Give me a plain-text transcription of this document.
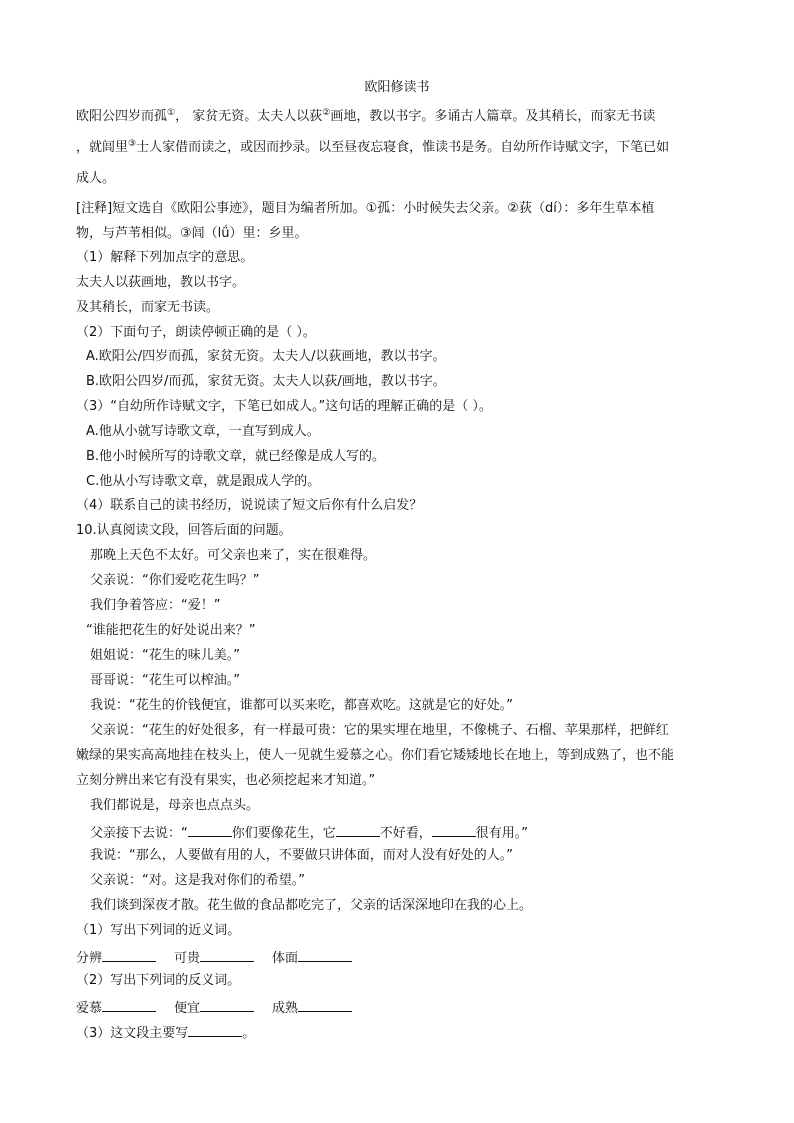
欧阳修读书
欧阳公四岁而孤①， 家贫无资。太夫人以荻②画地，教以书字。多诵古人篇章。及其稍长，而家无书读
，就闾里③士人家借而读之，或因而抄录。以至昼夜忘寝食，惟读书是务。自幼所作诗赋文字，下笔已如
成人。
[注释]短文选自《欧阳公事迹》，题目为编者所加。①孤：小时候失去父亲。②荻（dí）：多年生草本植
物，与芦苇相似。③闾（lǘ）里：乡里。
（1）解释下列加点字的意思。
太夫人以荻画地，教以书字。
及其稍长，而家无书读。
（2）下面句子，朗读停顿正确的是（ ）。
A.欧阳公/四岁而孤，家贫无资。太夫人/以荻画地，教以书字。
B.欧阳公四岁/而孤，家贫无资。太夫人以荻/画地，教以书字。
（3）“自幼所作诗赋文字，下笔已如成人。”这句话的理解正确的是（ ）。
A.他从小就写诗歌文章，一直写到成人。
B.他小时候所写的诗歌文章，就已经像是成人写的。
C.他从小写诗歌文章，就是跟成人学的。
（4）联系自己的读书经历，说说读了短文后你有什么启发？
10.认真阅读文段，回答后面的问题。
那晚上天色不太好。可父亲也来了，实在很难得。
父亲说：“你们爱吃花生吗？”
我们争着答应：“爱！”
“谁能把花生的好处说出来？”
姐姐说：“花生的味儿美。”
哥哥说：“花生可以榨油。”
我说：“花生的价钱便宜，谁都可以买来吃，都喜欢吃。这就是它的好处。”
父亲说：“花生的好处很多，有一样最可贵：它的果实埋在地里，不像桃子、石榴、苹果那样，把鲜红
嫩绿的果实高高地挂在枝头上，使人一见就生爱慕之心。你们看它矮矮地长在地上，等到成熟了，也不能
立刻分辨出来它有没有果实，也必须挖起来才知道。”
我们都说是，母亲也点点头。
父亲接下去说：“	你们要像花生，它	不好看，	很有用。”
我说：“那么，人要做有用的人，不要做只讲体面，而对人没有好处的人。”
父亲说：“对。这是我对你们的希望。”
我们谈到深夜才散。花生做的食品都吃完了，父亲的话深深地印在我的心上。
（1）写出下列词的近义词。
分辨	可贵	体面
（2）写出下列词的反义词。
爱慕	便宜	成熟
（3）这文段主要写	。
